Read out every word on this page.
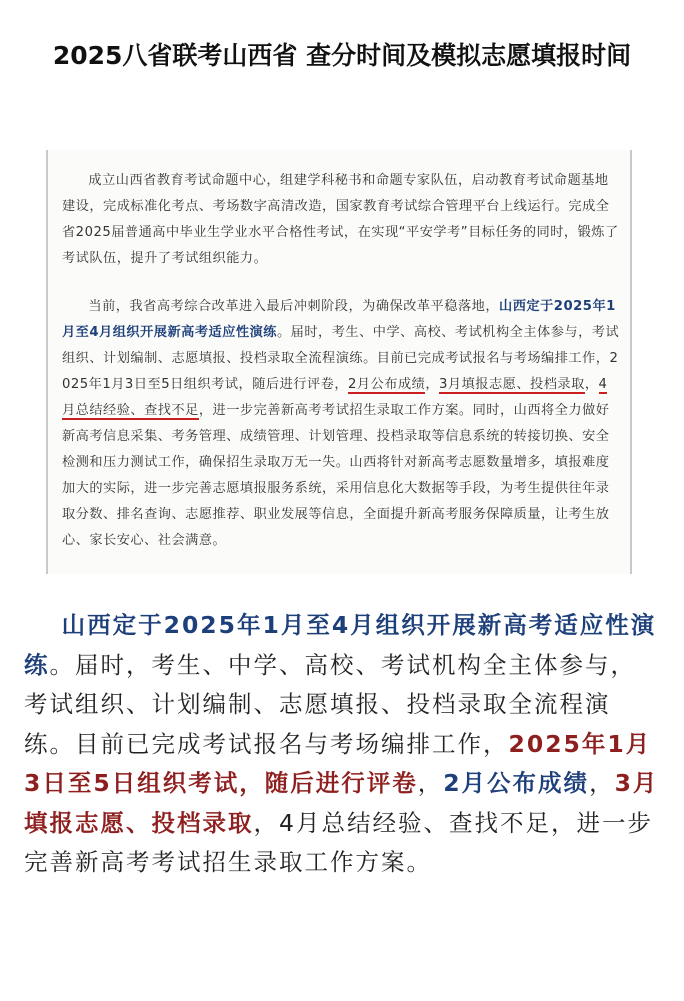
2025八省联考山西省 查分时间及模拟志愿填报时间

成立山西省教育考试命题中心，组建学科秘书和命题专家队伍，启动教育考试命题基地建设，完成标准化考点、考场数字高清改造，国家教育考试综合管理平台上线运行。完成全省2025届普通高中毕业生学业水平合格性考试，在实现“平安学考”目标任务的同时，锻炼了考试队伍，提升了考试组织能力。

当前，我省高考综合改革进入最后冲刺阶段，为确保改革平稳落地，山西定于2025年1月至4月组织开展新高考适应性演练。届时，考生、中学、高校、考试机构全主体参与，考试组织、计划编制、志愿填报、投档录取全流程演练。目前已完成考试报名与考场编排工作，2025年1月3日至5日组织考试，随后进行评卷，2月公布成绩，3月填报志愿、投档录取，4月总结经验、查找不足，进一步完善新高考考试招生录取工作方案。同时，山西将全力做好新高考信息采集、考务管理、成绩管理、计划管理、投档录取等信息系统的转接切换、安全检测和压力测试工作，确保招生录取万无一失。山西将针对新高考志愿数量增多，填报难度加大的实际，进一步完善志愿填报服务系统，采用信息化大数据等手段，为考生提供往年录取分数、排名查询、志愿推荐、职业发展等信息，全面提升新高考服务保障质量，让考生放心、家长安心、社会满意。

山西定于2025年1月至4月组织开展新高考适应性演练。届时，考生、中学、高校、考试机构全主体参与，考试组织、计划编制、志愿填报、投档录取全流程演练。目前已完成考试报名与考场编排工作，2025年1月3日至5日组织考试，随后进行评卷，2月公布成绩，3月填报志愿、投档录取，4月总结经验、查找不足，进一步完善新高考考试招生录取工作方案。
